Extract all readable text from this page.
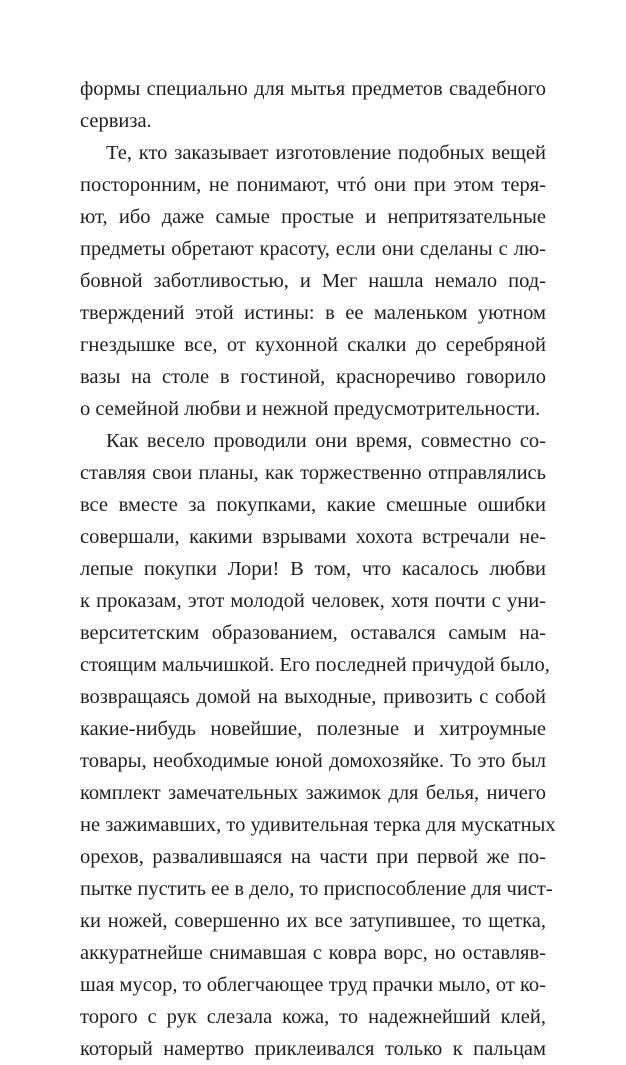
формы специально для мытья предметов свадебного
сервиза.
Те, кто заказывает изготовление подобных вещей
посторонним, не понимают, чтó они при этом теря-
ют, ибо даже самые простые и непритязательные
предметы обретают красоту, если они сделаны с лю-
бовной заботливостью, и Мег нашла немало под-
тверждений этой истины: в ее маленьком уютном
гнездышке все, от кухонной скалки до серебряной
вазы на столе в гостиной, красноречиво говорило
о семейной любви и нежной предусмотрительности.
Как весело проводили они время, совместно со-
ставляя свои планы, как торжественно отправлялись
все вместе за покупками, какие смешные ошибки
совершали, какими взрывами хохота встречали не-
лепые покупки Лори! В том, что касалось любви
к проказам, этот молодой человек, хотя почти с уни-
верситетским образованием, оставался самым на-
стоящим мальчишкой. Его последней причудой было,
возвращаясь домой на выходные, привозить с собой
какие-нибудь новейшие, полезные и хитроумные
товары, необходимые юной домохозяйке. То это был
комплект замечательных зажимок для белья, ничего
не зажимавших, то удивительная терка для мускатных
орехов, развалившаяся на части при первой же по-
пытке пустить ее в дело, то приспособление для чист-
ки ножей, совершенно их все затупившее, то щетка,
аккуратнейше снимавшая с ковра ворс, но оставляв-
шая мусор, то облегчающее труд прачки мыло, от ко-
торого с рук слезала кожа, то надежнейший клей,
который намертво приклеивался только к пальцам
